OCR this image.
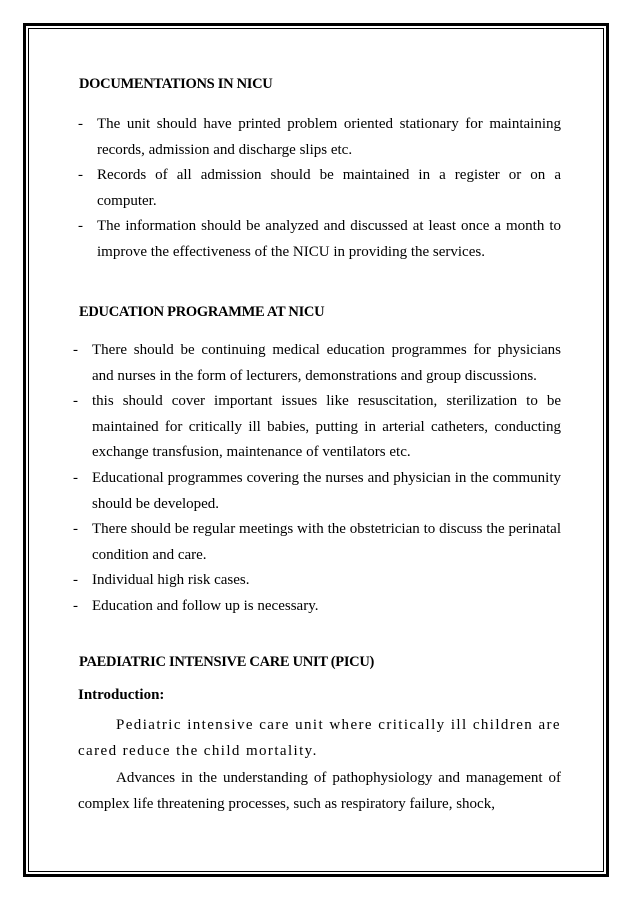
DOCUMENTATIONS IN NICU
- The unit should have printed problem oriented stationary for maintaining records, admission and discharge slips etc.
- Records of all admission should be maintained in a register or on a computer.
- The information should be analyzed and discussed at least once a month to improve the effectiveness of the NICU in providing the services.
EDUCATION PROGRAMME AT NICU
- There should be continuing medical education programmes for physicians and nurses in the form of lecturers, demonstrations and group discussions.
- this should cover important issues like resuscitation, sterilization to be maintained for critically ill babies, putting in arterial catheters, conducting exchange transfusion, maintenance of ventilators etc.
- Educational programmes covering the nurses and physician in the community should be developed.
- There should be regular meetings with the obstetrician to discuss the perinatal condition and care.
- Individual high risk cases.
- Education and follow up is necessary.
PAEDIATRIC INTENSIVE CARE UNIT (PICU)
Introduction:

Pediatric intensive care unit where critically ill children are cared reduce the child mortality.

Advances in the understanding of pathophysiology and management of complex life threatening processes, such as respiratory failure, shock,
